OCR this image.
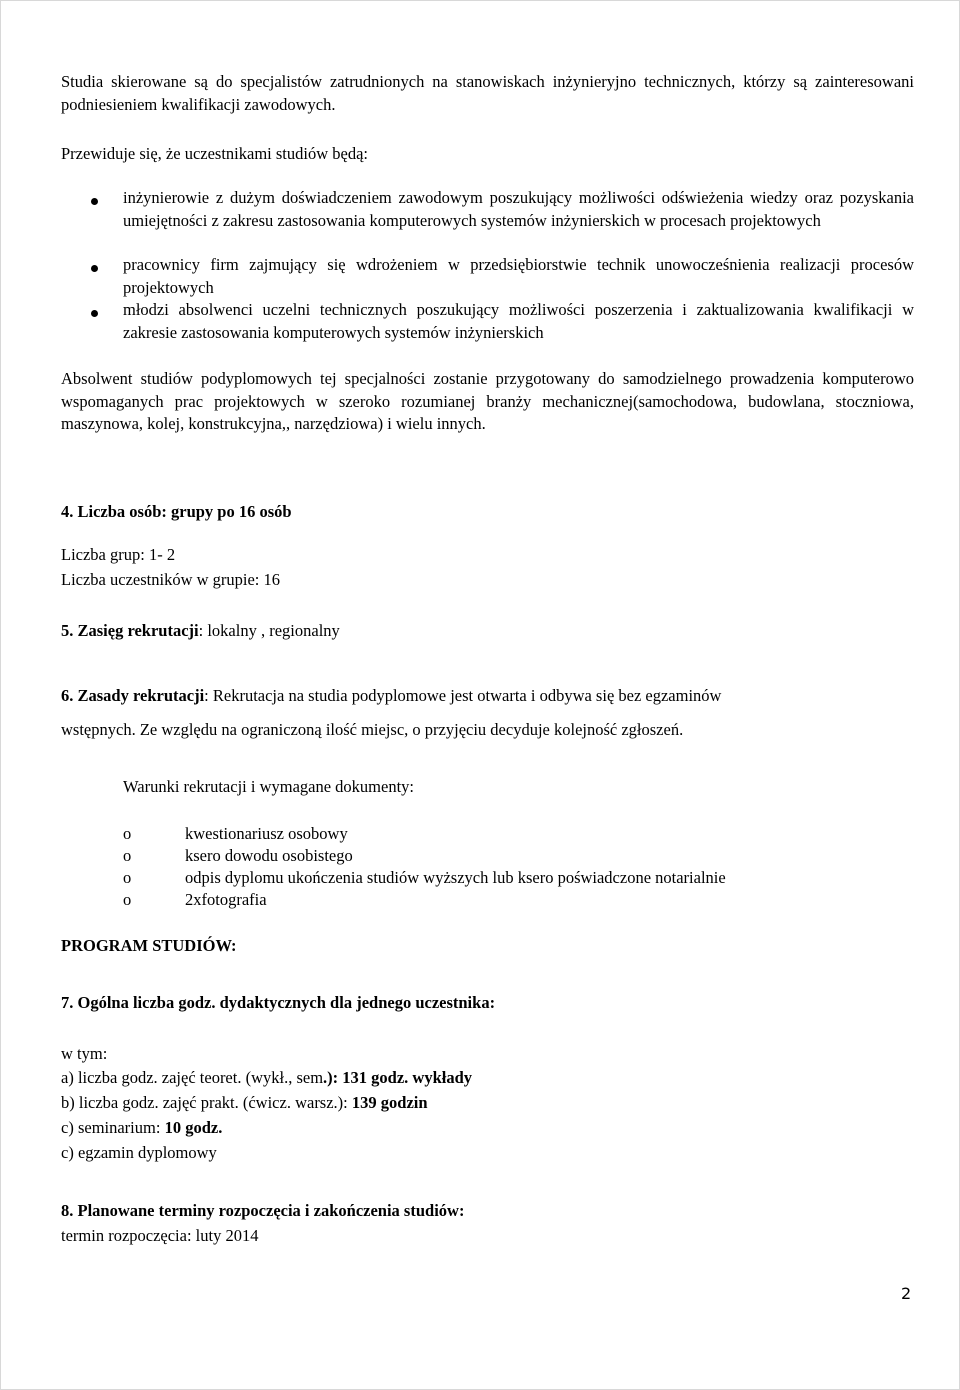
Studia skierowane są do specjalistów zatrudnionych na stanowiskach inżynieryjno technicznych, którzy są zainteresowani podniesieniem kwalifikacji zawodowych.
Przewiduje się, że uczestnikami studiów będą:
inżynierowie z dużym doświadczeniem zawodowym poszukujący możliwości odświeżenia wiedzy oraz pozyskania umiejętności z zakresu zastosowania komputerowych systemów inżynierskich w procesach projektowych
pracownicy firm zajmujący się wdrożeniem w przedsiębiorstwie technik unowocześnienia realizacji procesów projektowych
młodzi absolwenci uczelni technicznych poszukujący możliwości poszerzenia i zaktualizowania kwalifikacji w zakresie zastosowania komputerowych systemów inżynierskich
Absolwent studiów podyplomowych tej specjalności zostanie przygotowany do samodzielnego prowadzenia komputerowo wspomaganych prac projektowych w szeroko rozumianej branży mechanicznej(samochodowa, budowlana, stoczniowa, maszynowa, kolej, konstrukcyjna,, narzędziowa) i wielu innych.
4. Liczba osób: grupy po 16 osób
Liczba grup: 1- 2
Liczba uczestników w grupie: 16
5. Zasięg rekrutacji: lokalny , regionalny
6. Zasady rekrutacji: Rekrutacja na studia podyplomowe jest otwarta i odbywa się bez egzaminów
wstępnych. Ze względu na ograniczoną ilość miejsc, o przyjęciu decyduje kolejność zgłoszeń.
Warunki rekrutacji i wymagane dokumenty:
o	kwestionariusz osobowy
o	ksero dowodu osobistego
o	odpis dyplomu ukończenia studiów wyższych lub ksero poświadczone notarialnie
o	2xfotografia
PROGRAM STUDIÓW:
7. Ogólna liczba godz. dydaktycznych dla jednego uczestnika:
w tym:
a) liczba godz. zajęć teoret. (wykł., sem.): 131 godz. wykłady
b) liczba godz. zajęć prakt. (ćwicz. warsz.): 139 godzin
c) seminarium: 10 godz.
c) egzamin dyplomowy
8. Planowane terminy rozpoczęcia i zakończenia studiów:
termin rozpoczęcia: luty 2014
2
